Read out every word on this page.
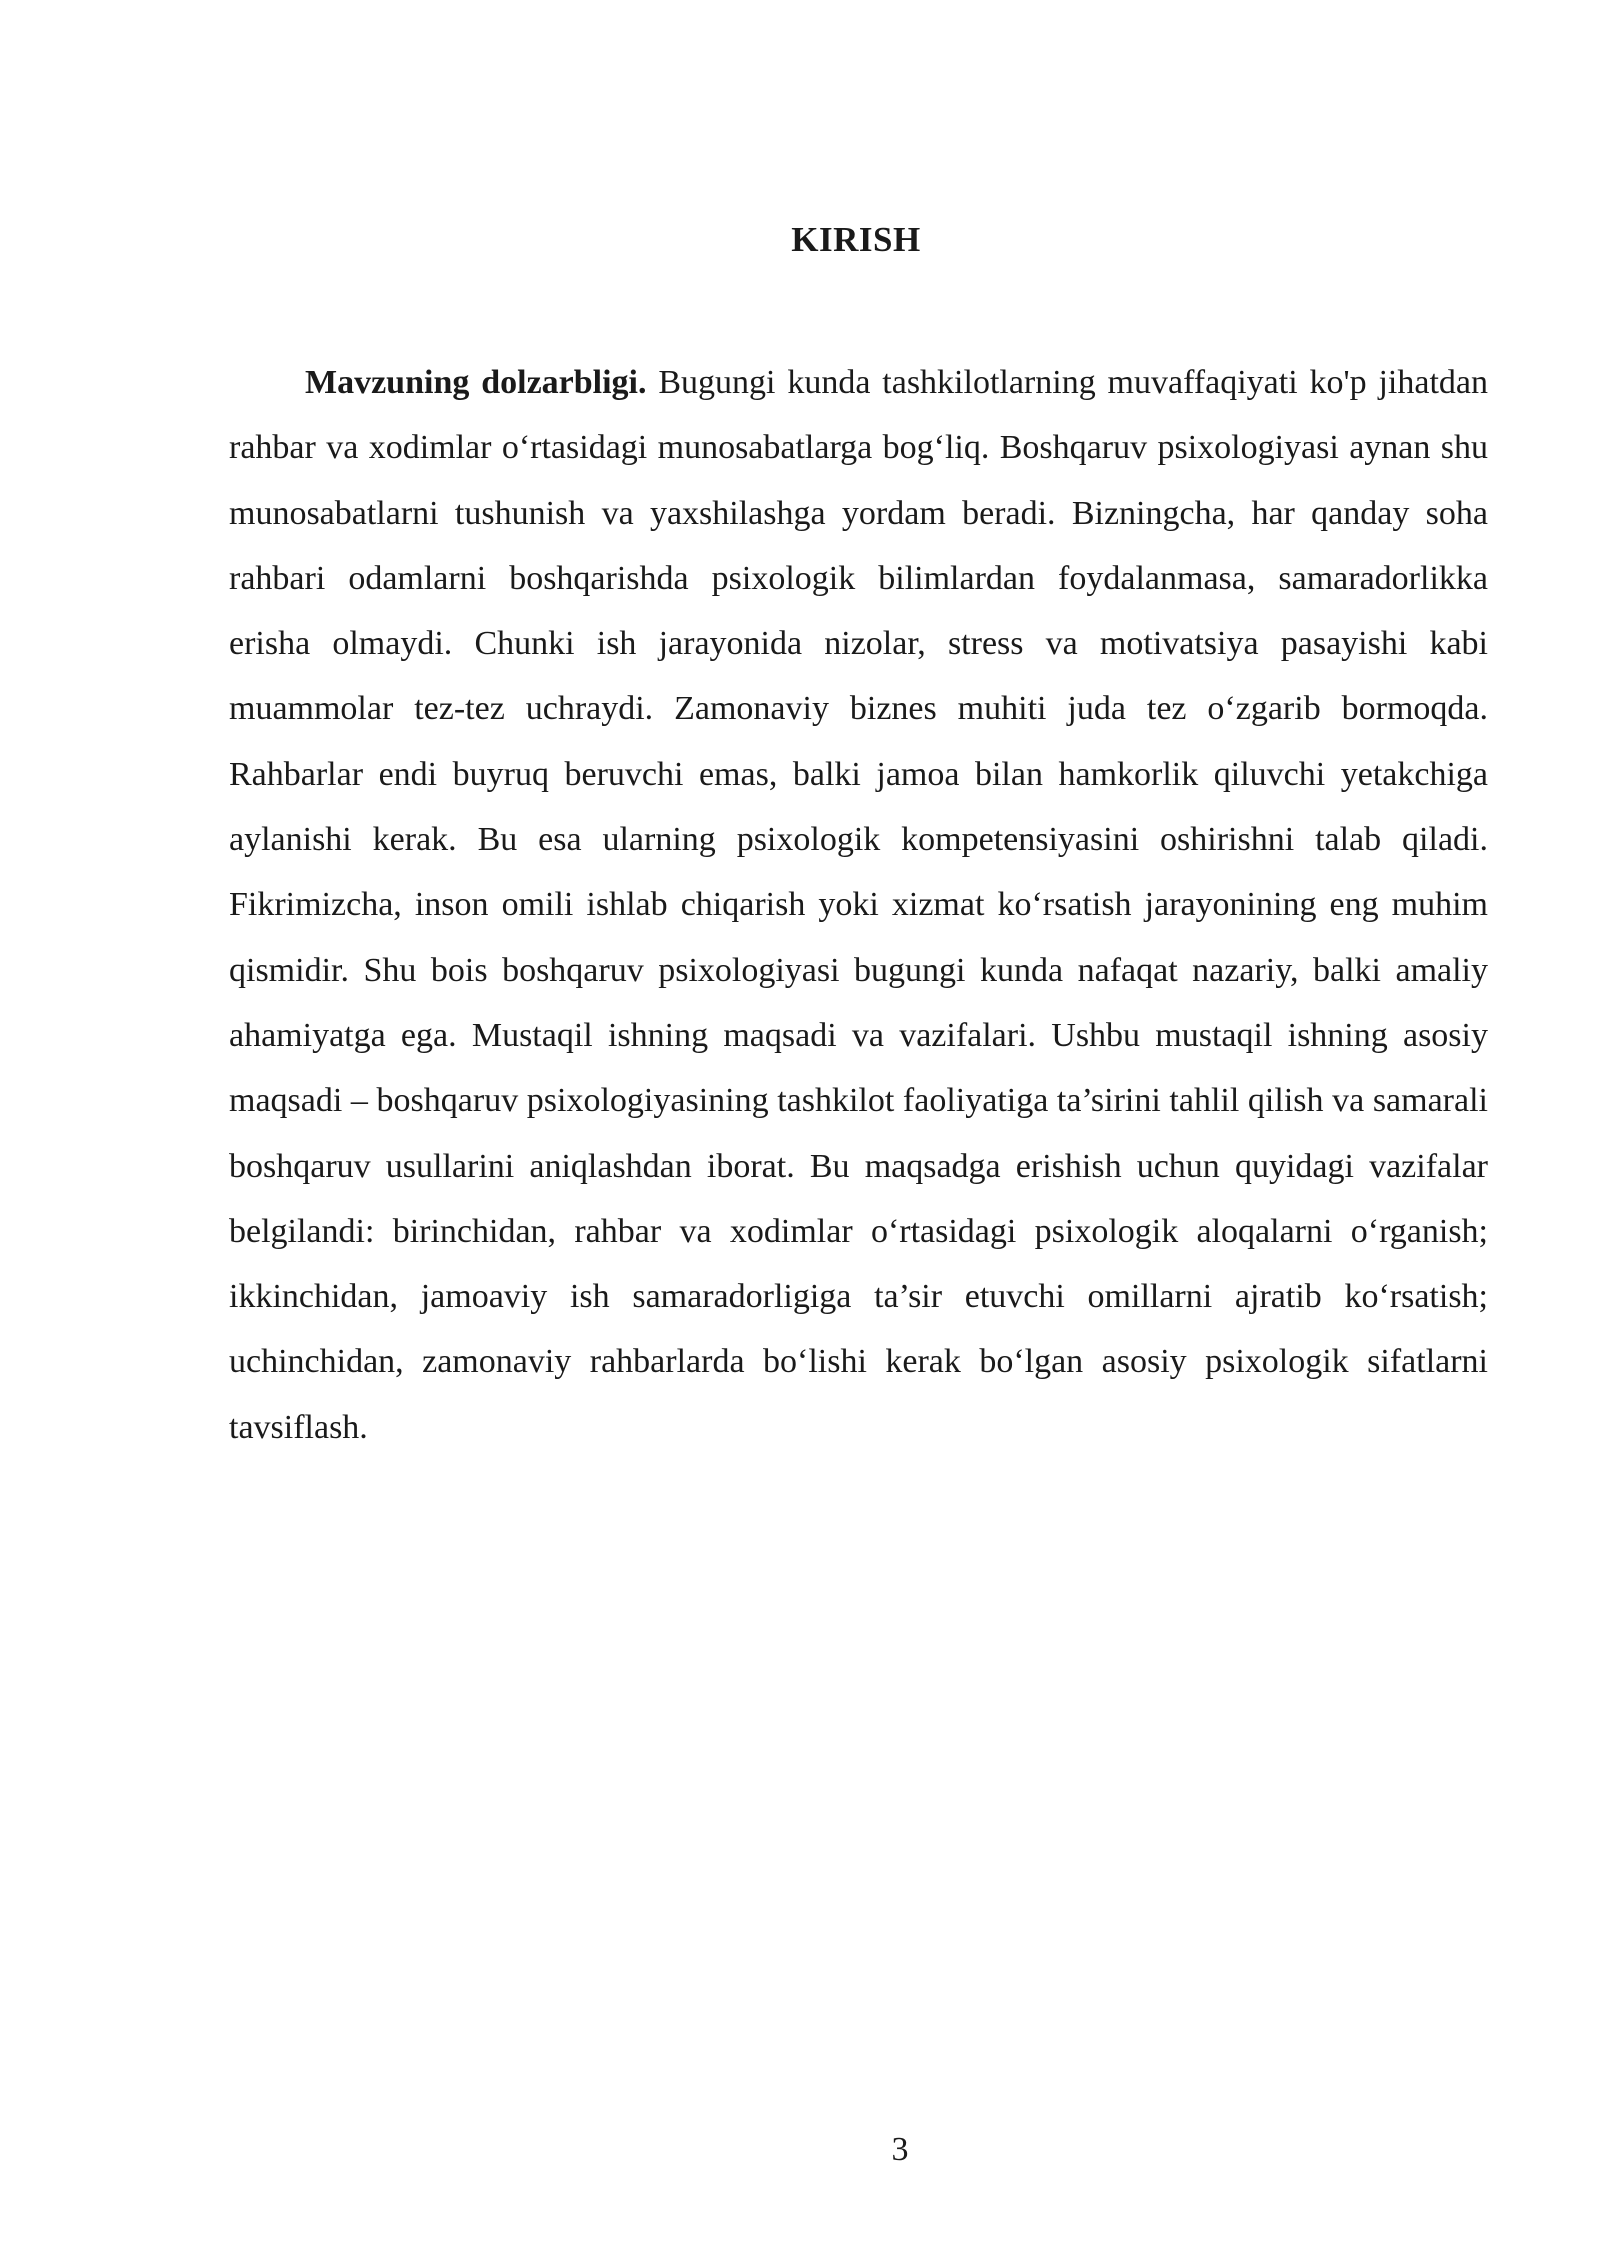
KIRISH

Mavzuning dolzarbligi. Bugungi kunda tashkilotlarning muvaffaqiyati ko'p jihatdan rahbar va xodimlar o‘rtasidagi munosabatlarga bog‘liq. Boshqaruv psixologiyasi aynan shu munosabatlarni tushunish va yaxshilashga yordam beradi. Bizningcha, har qanday soha rahbari odamlarni boshqarishda psixologik bilimlardan foydalanmasa, samaradorlikka erisha olmaydi. Chunki ish jarayonida nizolar, stress va motivatsiya pasayishi kabi muammolar tez-tez uchraydi. Zamonaviy biznes muhiti juda tez o‘zgarib bormoqda. Rahbarlar endi buyruq beruvchi emas, balki jamoa bilan hamkorlik qiluvchi yetakchiga aylanishi kerak. Bu esa ularning psixologik kompetensiyasini oshirishni talab qiladi. Fikrimizcha, inson omili ishlab chiqarish yoki xizmat ko‘rsatish jarayonining eng muhim qismidir. Shu bois boshqaruv psixologiyasi bugungi kunda nafaqat nazariy, balki amaliy ahamiyatga ega. Mustaqil ishning maqsadi va vazifalari. Ushbu mustaqil ishning asosiy maqsadi – boshqaruv psixologiyasining tashkilot faoliyatiga ta’sirini tahlil qilish va samarali boshqaruv usullarini aniqlashdan iborat. Bu maqsadga erishish uchun quyidagi vazifalar belgilandi: birinchidan, rahbar va xodimlar o‘rtasidagi psixologik aloqalarni o‘rganish; ikkinchidan, jamoaviy ish samaradorligiga ta’sir etuvchi omillarni ajratib ko‘rsatish; uchinchidan, zamonaviy rahbarlarda bo‘lishi kerak bo‘lgan asosiy psixologik sifatlarni tavsiflash.

3
